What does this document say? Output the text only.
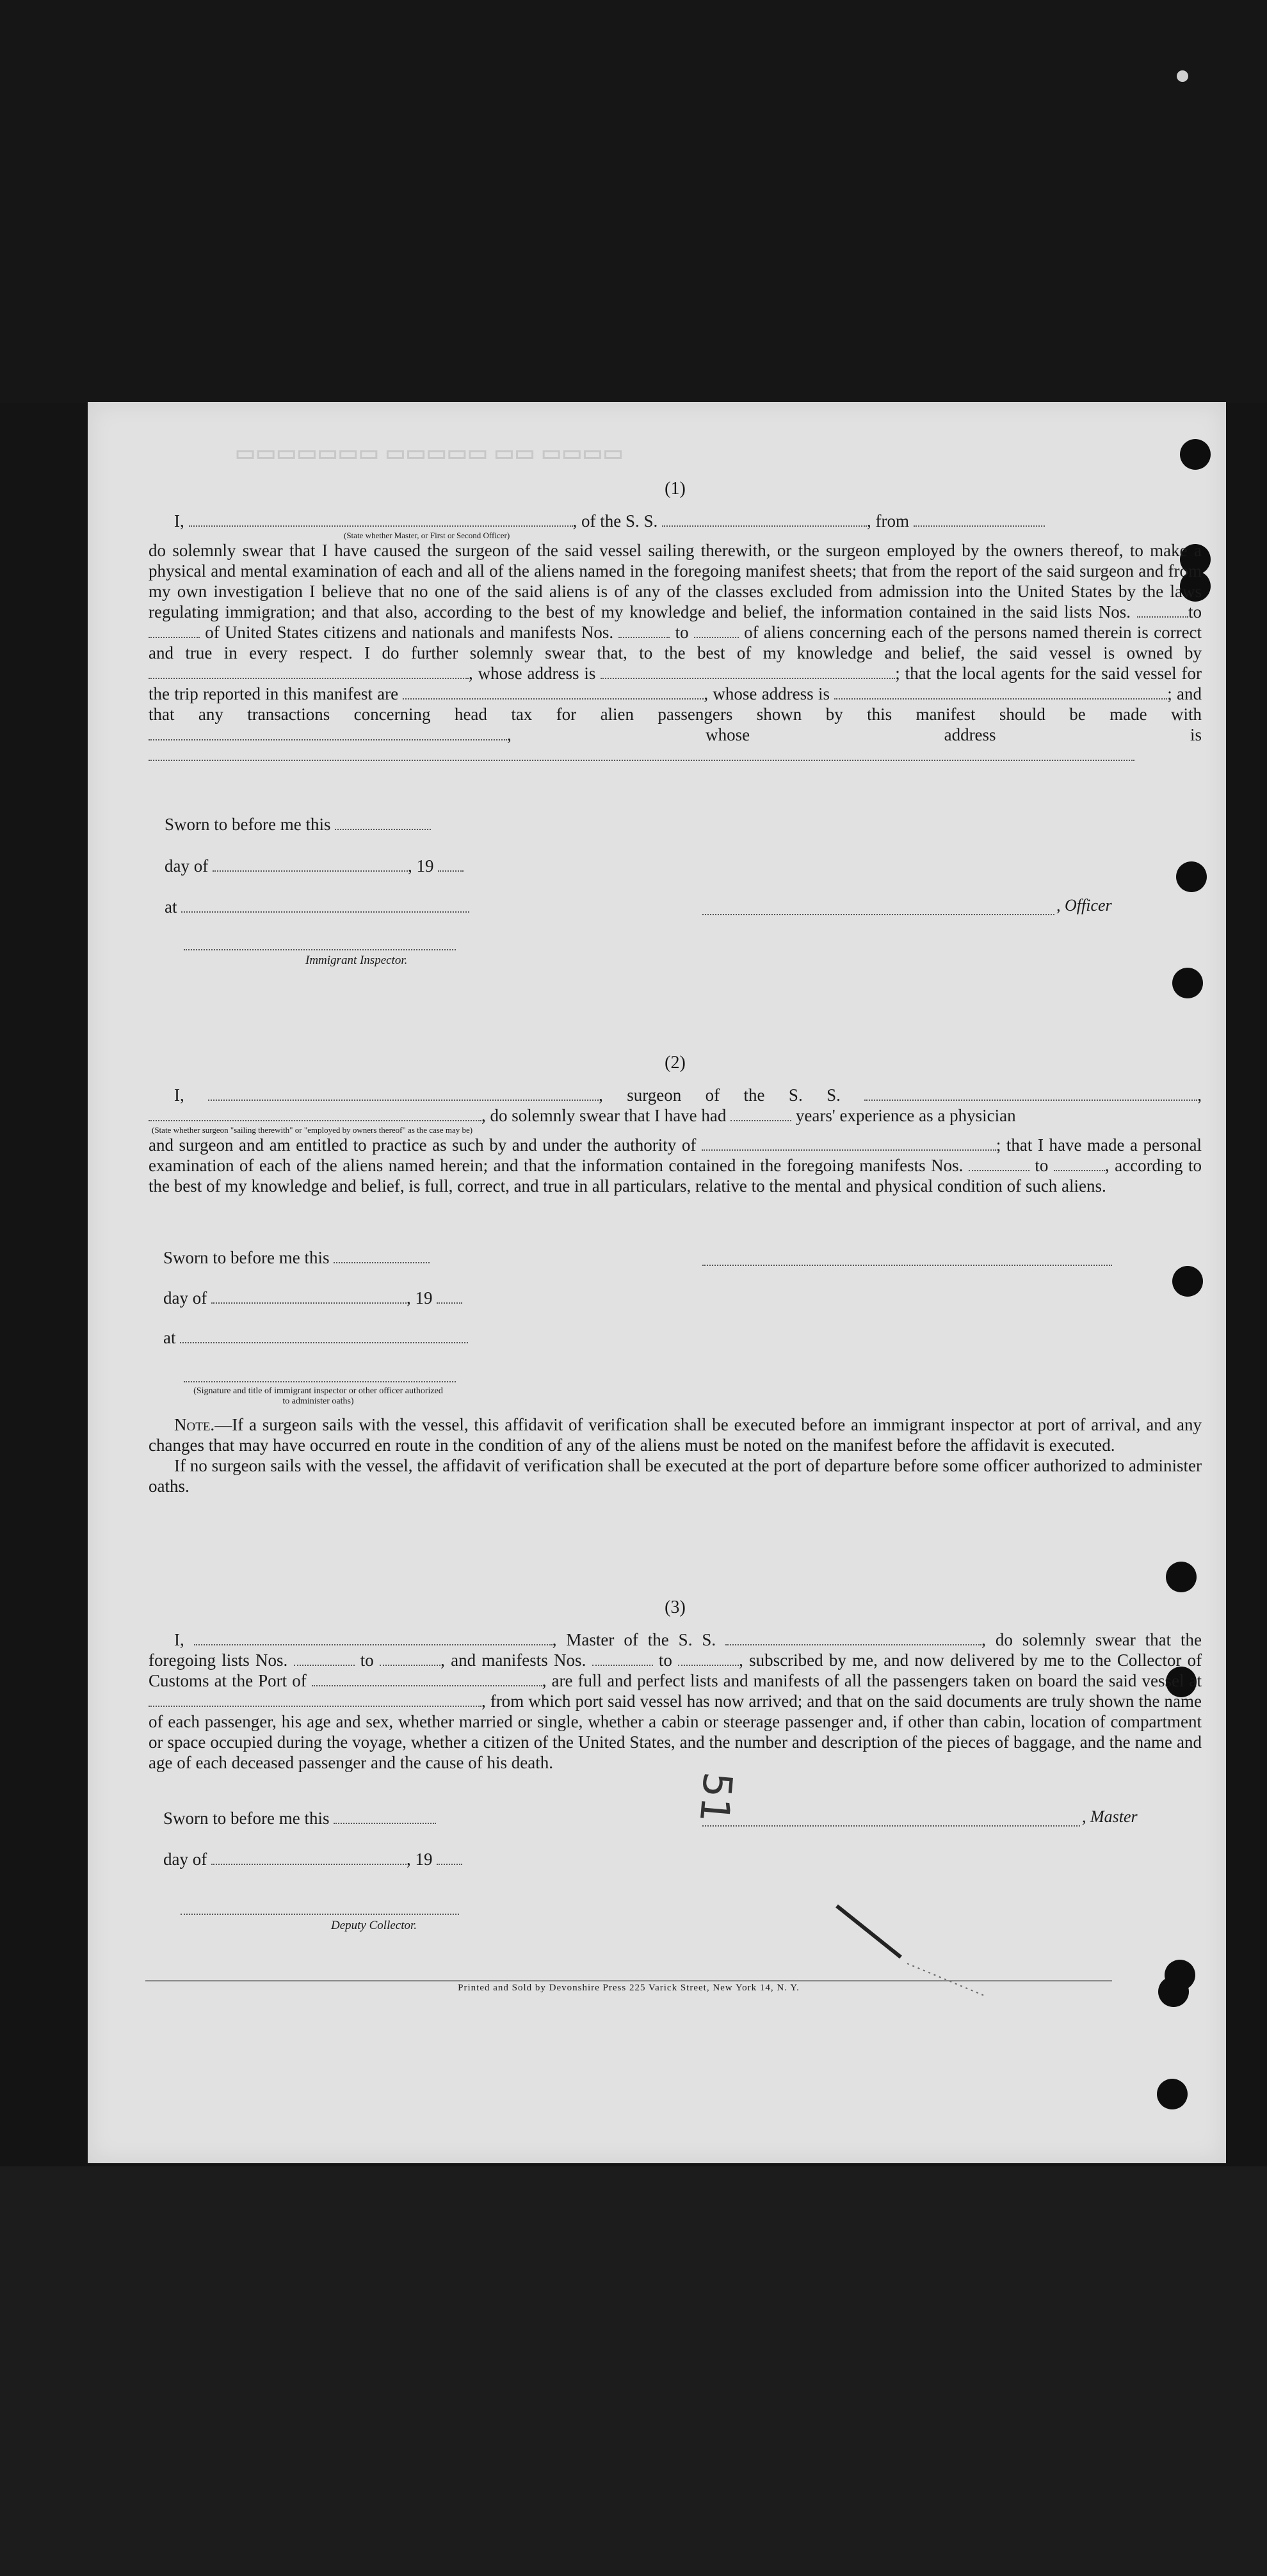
▭▭▭▭ ▭▭ ▭▭▭▭▭ ▭▭▭▭▭▭▭
(1)

I,	, of the S. S.	, from

(State whether Master, or First or Second Officer)

do solemnly swear that I have caused the surgeon of the said vessel sailing therewith, or the surgeon employed by the owners thereof, to make a physical and mental examination of each and all of the aliens named in the foregoing manifest sheets; that from the report of the said surgeon and from my own investigation I believe that no one of the said aliens is of any of the classes excluded from admission into the United States by the laws regulating immigration; and that also, according to the best of my knowledge and belief, the information contained in the said lists Nos.	to  of United States citizens and nationals and manifests Nos.	to	of aliens concerning each of the persons named therein is correct and true in every respect. I do further solemnly swear that, to the best of my knowledge and belief, the said vessel is owned by , whose address is	; that the local agents for the said vessel for the trip reported in this manifest are	, whose address is	; and that any transactions concerning head tax for alien passengers shown by this manifest should be made with , whose address is

Sworn to before me this
day of	, 19
at	, Officer
Immigrant Inspector.
(2)

I,	, surgeon of the S. S.	, , do solemnly swear that I have had	years' experience as a physician

(State whether surgeon "sailing therewith" or "employed by owners thereof" as the case may be)

and surgeon and am entitled to practice as such by and under the authority of	; that I have made a personal examination of each of the aliens named herein; and that the information contained in the foregoing manifests Nos.	to	, according to the best of my knowledge and belief, is full, correct, and true in all particulars, relative to the mental and physical condition of such aliens.

Sworn to before me this
day of	, 19
at
(Signature and title of immigrant inspector or other officer authorized to administer oaths)

Note.—If a surgeon sails with the vessel, this affidavit of verification shall be executed before an immigrant inspector at port of arrival, and any changes that may have occurred en route in the condition of any of the aliens must be noted on the manifest before the affidavit is executed.

If no surgeon sails with the vessel, the affidavit of verification shall be executed at the port of departure before some officer authorized to administer oaths.

(3)

I,	, Master of the S. S.	, do solemnly swear that the foregoing lists Nos.	to	, and manifests Nos.	to	, subscribed by me, and now delivered by me to the Collector of Customs at the Port of	, are full and perfect lists and manifests of all the passengers taken on board the said vessel at , from which port said vessel has now arrived; and that on the said documents are truly shown the name of each passenger, his age and sex, whether married or single, whether a cabin or steerage passenger and, if other than cabin, location of compartment or space occupied during the voyage, whether a citizen of the United States, and the number and description of the pieces of baggage, and the name and age of each deceased passenger and the cause of his death.

Sworn to before me this	, Master
day of	, 19
Deputy Collector.
51
Printed and Sold by Devonshire Press 225 Varick Street, New York 14, N. Y.
